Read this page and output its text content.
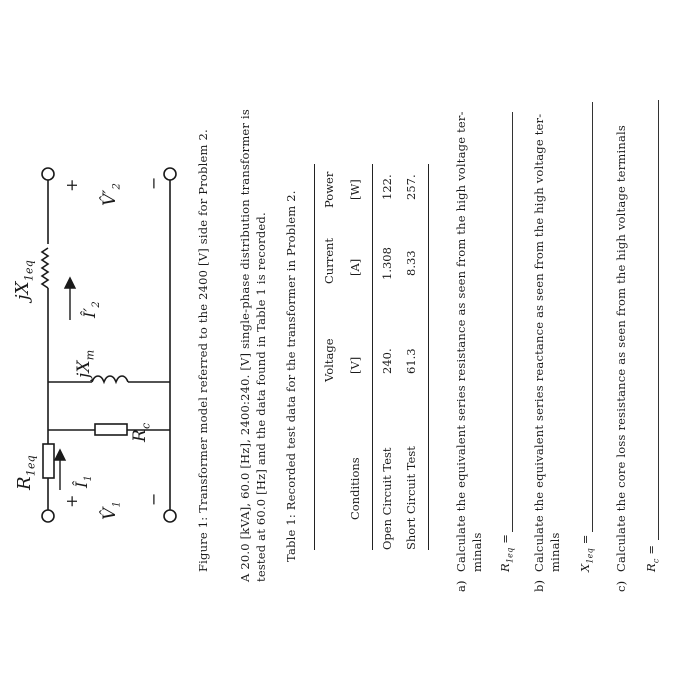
$R_{1eq}$
$jX_{1eq}$
$R_c$
$jX_m$
$Î_1$
$Î'_2$
+
$V̂_1$ −
+
$V̂'_2$ −	Figure 1: Transformer model referred to the 2400 [V] side for Problem 2. A 20.0 [kVA], 60.0 [Hz], 2400:240. [V] single-phase distribution transformer is tested at 60.0 [Hz] and the data found in Table 1 is recorded. Table 1: Recorded test data for the transformer in Problem 2. Voltage
Current
Power
Conditions
[V]
[A]
[W]
Open Circuit Test
240.
1.308
122.
Short Circuit Test
61.3
8.33
257.
a)
Calculate the equivalent series resistance as seen from the high voltage ter- minals $R_{1eq}$ =
b)
Calculate the equivalent series reactance as seen from the high voltage ter- minals $X_{1eq}$ =
c)
Calculate the core loss resistance as seen from the high voltage terminals $R_c$ =
